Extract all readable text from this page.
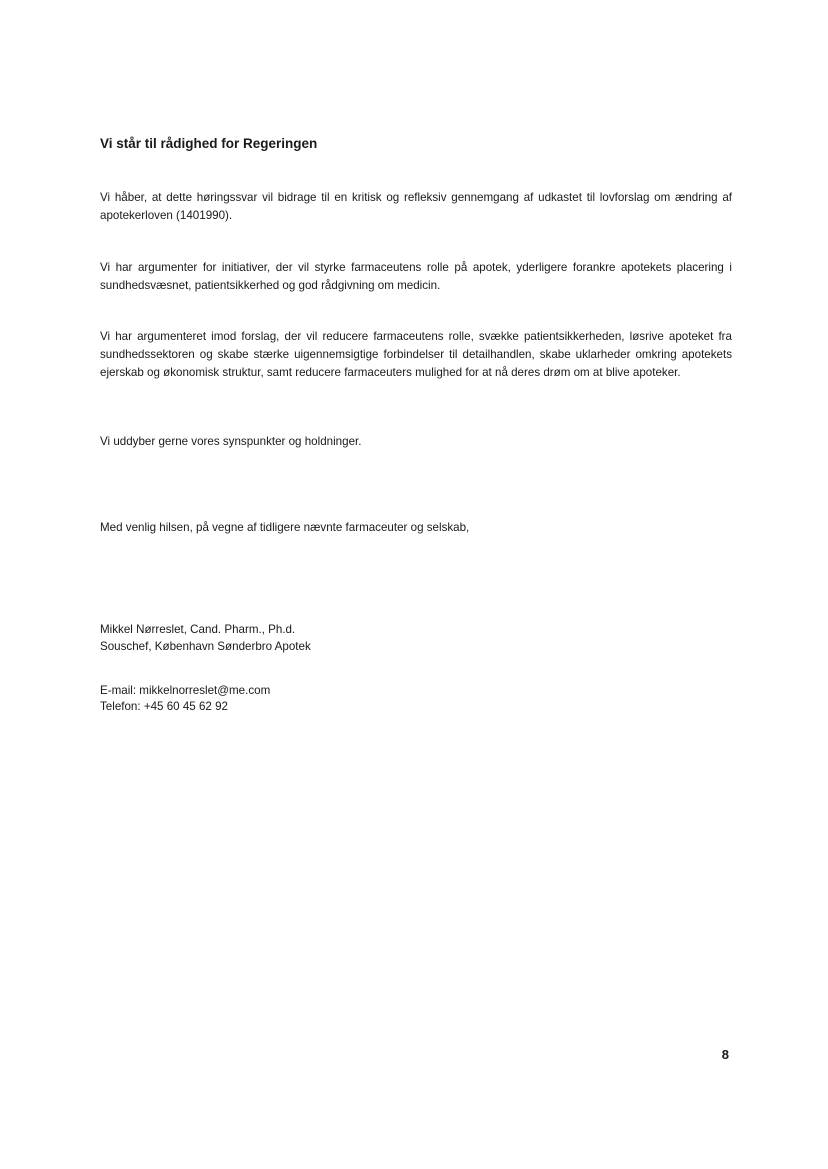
Vi står til rådighed for Regeringen

Vi håber, at dette høringssvar vil bidrage til en kritisk og refleksiv gennemgang af udkastet til lovforslag om ændring af apotekerloven (1401990).

Vi har argumenter for initiativer, der vil styrke farmaceutens rolle på apotek, yderligere forankre apotekets placering i sundhedsvæsnet, patientsikkerhed og god rådgivning om medicin.

Vi har argumenteret imod forslag, der vil reducere farmaceutens rolle, svække patientsikkerheden, løsrive apoteket fra sundhedssektoren og skabe stærke uigennemsigtige forbindelser til detailhandlen, skabe uklarheder omkring apotekets ejerskab og økonomisk struktur, samt reducere farmaceuters mulighed for at nå deres drøm om at blive apoteker.

Vi uddyber gerne vores synspunkter og holdninger.

Med venlig hilsen, på vegne af tidligere nævnte farmaceuter og selskab,

Mikkel Nørreslet, Cand. Pharm., Ph.d.
Souschef, København Sønderbro Apotek
E-mail: mikkelnorreslet@me.com
Telefon: +45 60 45 62 92
8
